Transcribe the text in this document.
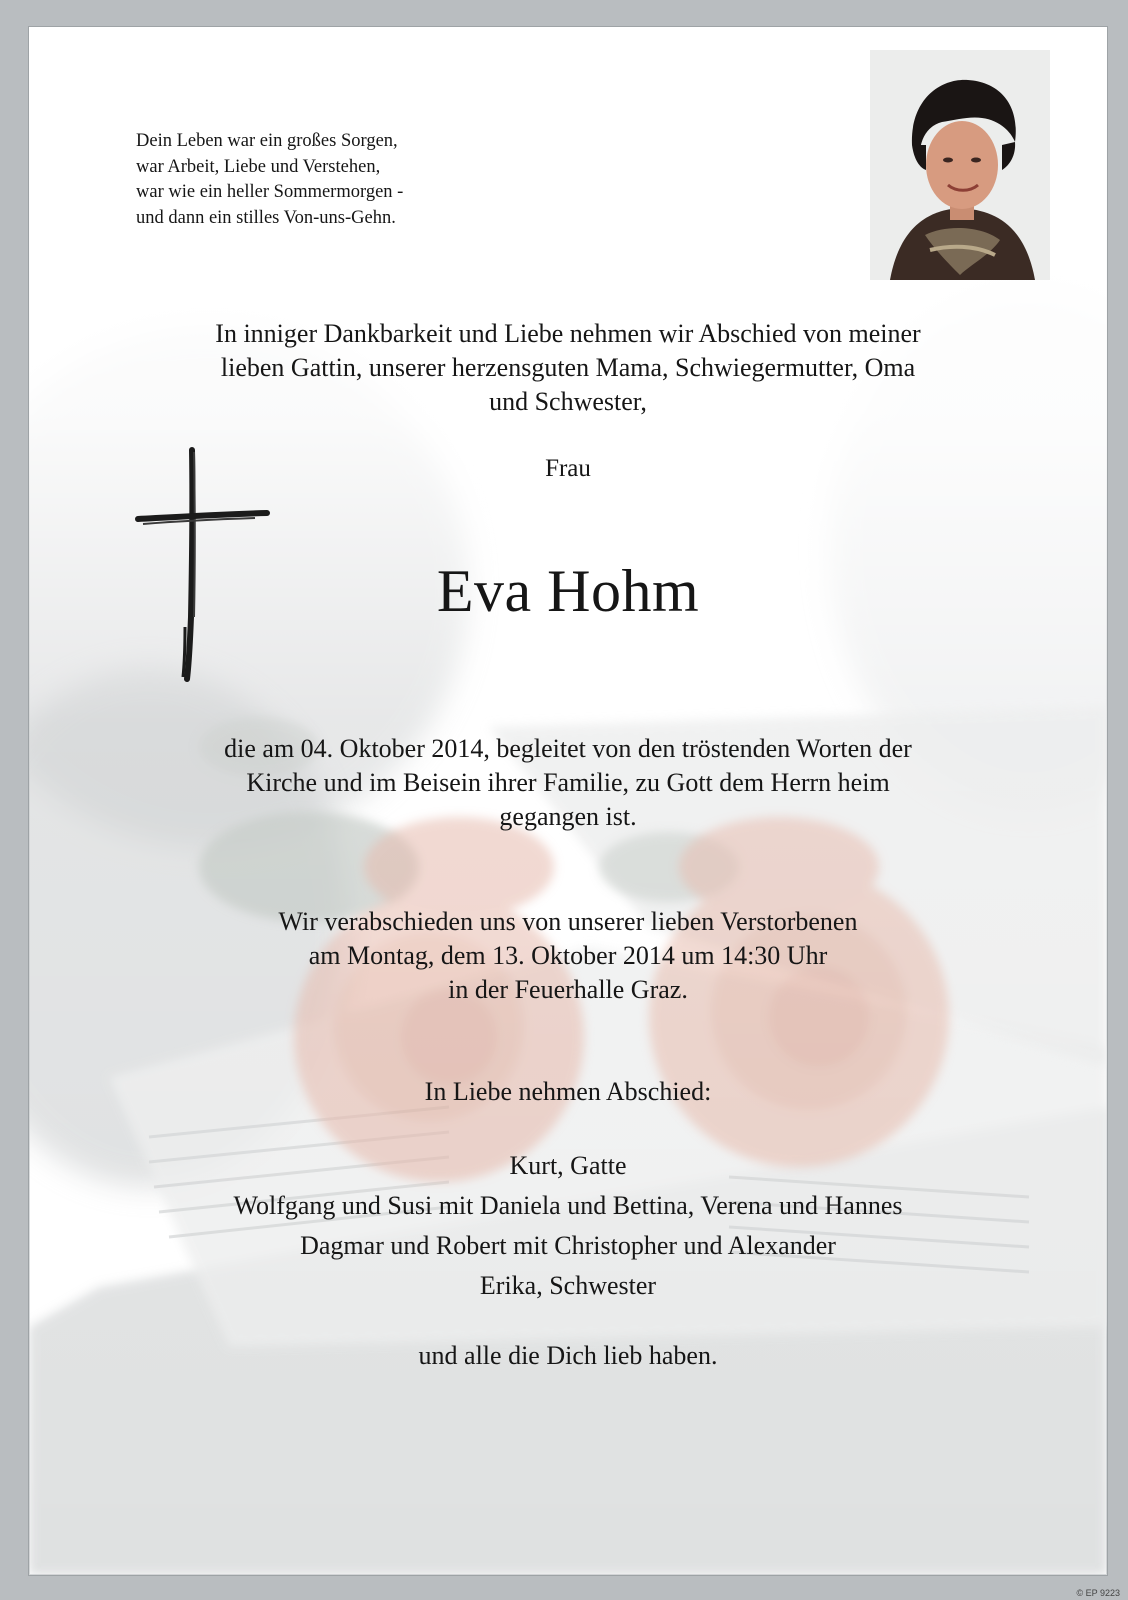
Dein Leben war ein großes Sorgen,
war Arbeit, Liebe und Verstehen,
war wie ein heller Sommermorgen -
und dann ein stilles Von-uns-Gehn.
In inniger Dankbarkeit und Liebe nehmen wir Abschied von meiner
lieben Gattin, unserer herzensguten Mama, Schwiegermutter, Oma
und Schwester,
Frau
Eva Hohm
die am 04. Oktober 2014, begleitet von den tröstenden Worten der
Kirche und im Beisein ihrer Familie, zu Gott dem Herrn heim
gegangen ist.
Wir verabschieden uns von unserer lieben Verstorbenen
am Montag, dem 13. Oktober 2014 um 14:30 Uhr
in der Feuerhalle Graz.
In Liebe nehmen Abschied:
Kurt, Gatte
Wolfgang und Susi mit Daniela und Bettina, Verena und Hannes
Dagmar und Robert mit Christopher und Alexander
Erika, Schwester
und alle die Dich lieb haben.
© EP 9223
